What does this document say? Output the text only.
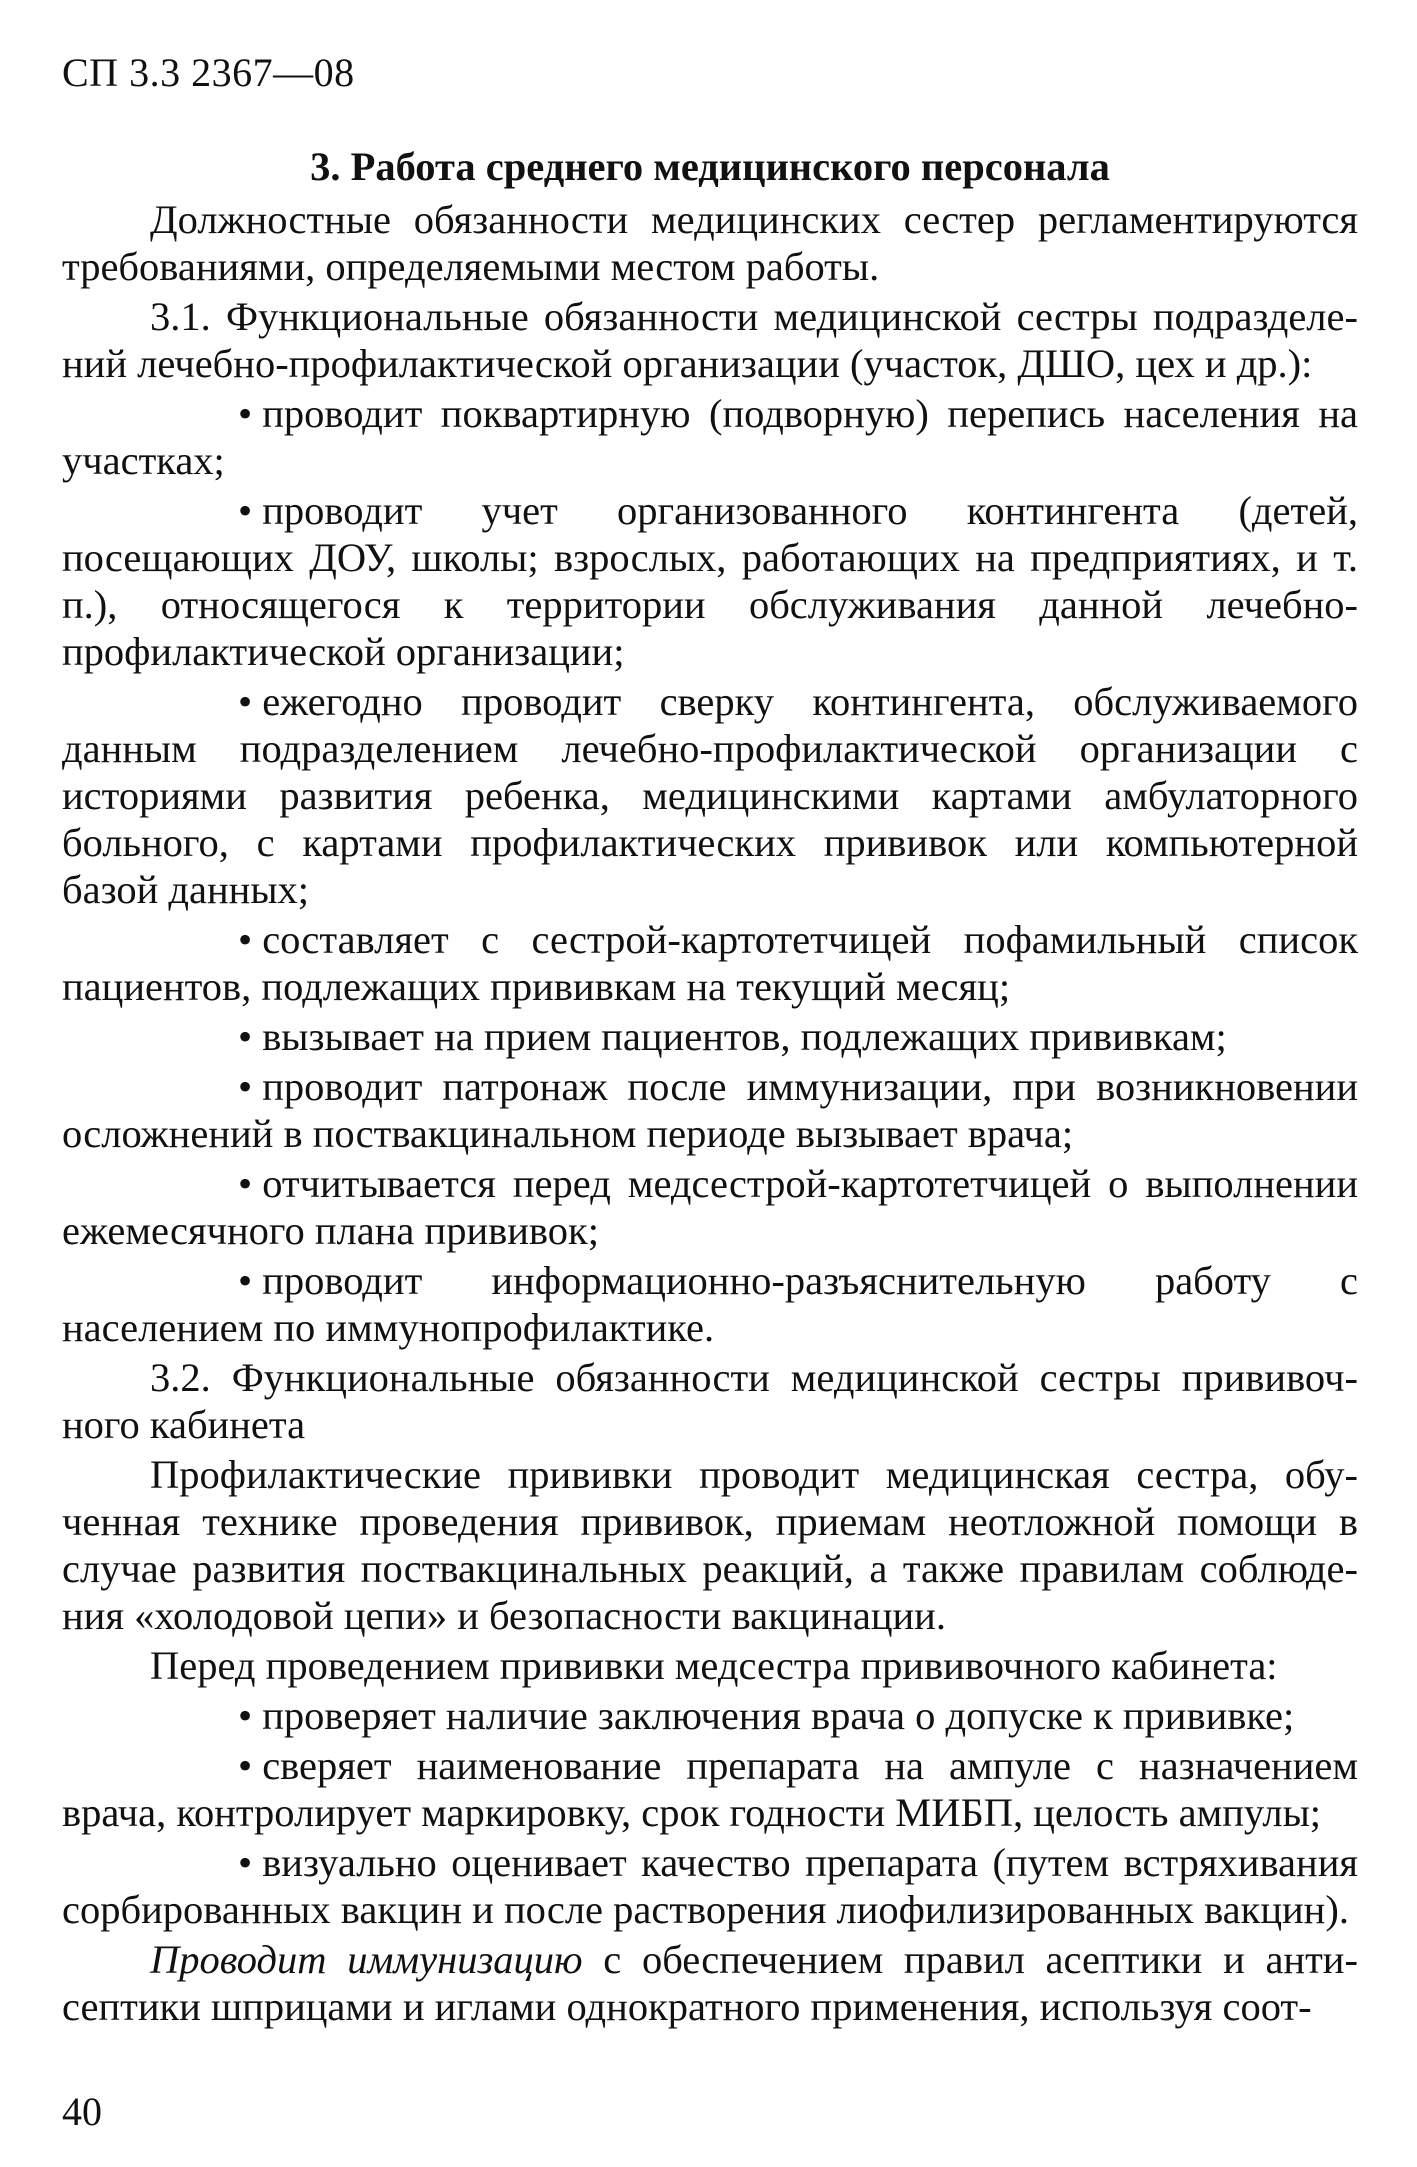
СП 3.3 2367—08
3. Работа среднего медицинского персонала

Должностные обязанности медицинских сестер регламентируются требованиями, определяемыми местом работы.

3.1. Функциональные обязанности медицинской сестры подразделений лечебно-профилактической организации (участок, ДШО, цех и др.):

• проводит поквартирную (подворную) перепись населения на участках;

• проводит учет организованного контингента (детей, посещающих ДОУ, школы; взрослых, работающих на предприятиях, и т. п.), относящегося к территории обслуживания данной лечебно-профилактической организации;

• ежегодно проводит сверку контингента, обслуживаемого данным подразделением лечебно-профилактической организации с историями развития ребенка, медицинскими картами амбулаторного больного, с картами профилактических прививок или компьютерной базой данных;

• составляет с сестрой-картотетчицей пофамильный список пациентов, подлежащих прививкам на текущий месяц;

• вызывает на прием пациентов, подлежащих прививкам;

• проводит патронаж после иммунизации, при возникновении осложнений в поствакцинальном периоде вызывает врача;

• отчитывается перед медсестрой-картотетчицей о выполнении ежемесячного плана прививок;

• проводит информационно-разъяснительную работу с населением по иммунопрофилактике.

3.2. Функциональные обязанности медицинской сестры прививочного кабинета

Профилактические прививки проводит медицинская сестра, обученная технике проведения прививок, приемам неотложной помощи в случае развития поствакцинальных реакций, а также правилам соблюдения «холодовой цепи» и безопасности вакцинации.

Перед проведением прививки медсестра прививочного кабинета:

• проверяет наличие заключения врача о допуске к прививке;

• сверяет наименование препарата на ампуле с назначением врача, контролирует маркировку, срок годности МИБП, целость ампулы;

• визуально оценивает качество препарата (путем встряхивания сорбированных вакцин и после растворения лиофилизированных вакцин).

Проводит иммунизацию с обеспечением правил асептики и антисептики шприцами и иглами однократного применения, используя соот-

40
